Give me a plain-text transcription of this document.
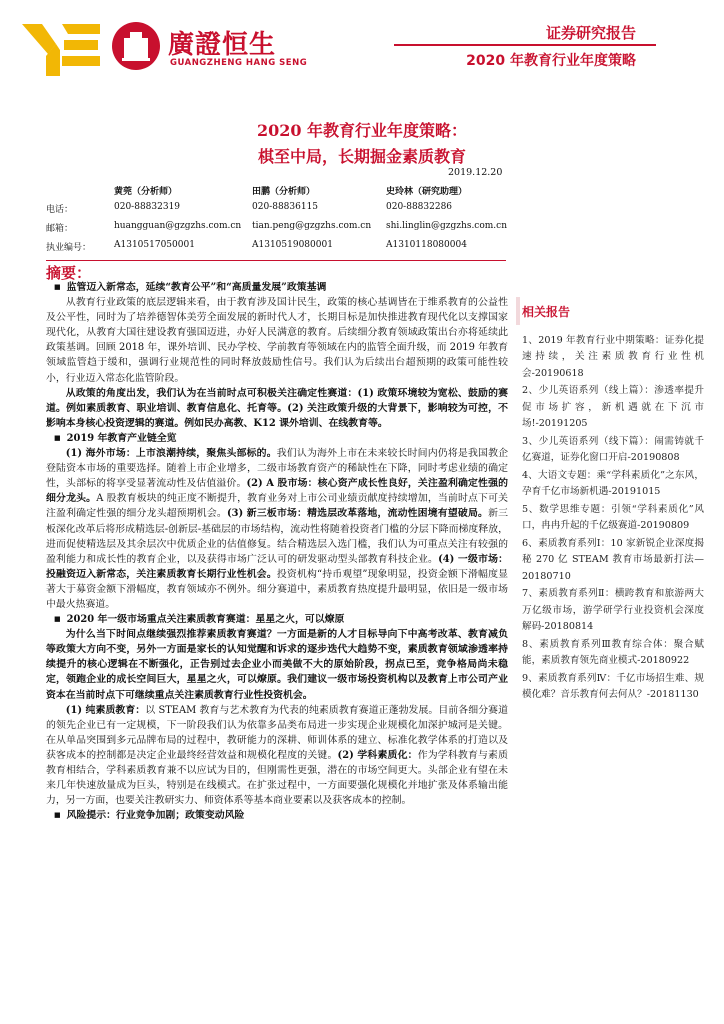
廣證恒生
GUANGZHENG HANG SENG
证券研究报告
2020 年教育行业年度策略
2020 年教育行业年度策略：
棋至中局，长期掘金素质教育
2019.12.20
黄莞（分析师）	田鹏（分析师）	史玲林（研究助理）
电话：	020-88832319	020-88836115	020-88832286
邮箱：	huangguan@gzgzhs.com.cn tian.peng@gzgzhs.com.cn shi.linglin@gzgzhs.com.cn
执业编号：	A1310517050001	A1310519080001	A1310118080004
摘要：

■ 监管迈入新常态，延续“教育公平”和“高质量发展”政策基调

从教育行业政策的底层逻辑来看，由于教育涉及国计民生，政策的核心基调皆在于维系教育的公益性及公平性，同时为了培养德智体美劳全面发展的新时代人才，长期目标是加快推进教育现代化以支撑国家现代化，从教育大国往建设教育强国迈进，办好人民满意的教育。后续细分教育领域政策出台亦将延续此政策基调。回顾 2018 年，课外培训、民办学校、学前教育等领域在内的监管全面升级，而 2019 年教育领域监管趋于缓和，强调行业规范性的同时释放鼓励性信号。我们认为后续出台超预期的政策可能性较小，行业迈入常态化监管阶段。

从政策的角度出发，我们认为在当前时点可积极关注确定性赛道：(1) 政策环境较为宽松、鼓励的赛道。例如素质教育、职业培训、教育信息化、托育等。(2) 关注政策升级的大背景下，影响较为可控，不影响本身核心投资逻辑的赛道。例如民办高教、K12 课外培训、在线教育等。

■ 2019 年教育产业链全览

(1) 海外市场：上市浪潮持续，聚焦头部标的。我们认为海外上市在未来较长时间内仍将是我国教企登陆资本市场的重要选择。随着上市企业增多，二级市场教育资产的稀缺性在下降，同时考虑业绩的确定性，头部标的将享受显著流动性及估值溢价。(2) A 股市场：核心资产成长性良好，关注盈利确定性强的细分龙头。A 股教育板块的纯正度不断提升，教育业务对上市公司业绩贡献度持续增加，当前时点下可关注盈利确定性强的细分龙头超预期机会。(3) 新三板市场：精选层改革落地，流动性困境有望破局。新三板深化改革后将形成精选层-创新层-基础层的市场结构，流动性将随着投资者门槛的分层下降而梯度释放，进而促使精选层及其余层次中优质企业的估值修复。结合精选层入选门槛，我们认为可重点关注有较强的盈利能力和成长性的教育企业，以及获得市场广泛认可的研发驱动型头部教育科技企业。(4) 一级市场：投融资迈入新常态，关注素质教育长期行业性机会。投资机构“持币观望”现象明显，投资金额下滑幅度显著大于募资金额下滑幅度，教育领域亦不例外。细分赛道中，素质教育热度提升最明显，依旧是一级市场中最火热赛道。

■ 2020 年一级市场重点关注素质教育赛道：星星之火，可以燎原

为什么当下时间点继续强烈推荐素质教育赛道？一方面是新的人才目标导向下中高考改革、教育减负等政策大方向不变，另外一方面是家长的认知觉醒和诉求的逐步迭代大趋势不变，素质教育领域渗透率持续提升的核心逻辑在不断强化，正告别过去企业小而美做不大的原始阶段，拐点已至，竞争格局尚未稳定，领跑企业的成长空间巨大，星星之火，可以燎原。我们建议一级市场投资机构以及教育上市公司产业资本在当前时点下可继续重点关注素质教育行业性投资机会。

(1) 纯素质教育：以 STEAM 教育与艺术教育为代表的纯素质教育赛道正蓬勃发展。目前各细分赛道的领先企业已有一定规模，下一阶段我们认为依靠多品类布局进一步实现企业规模化加深护城河是关键。在从单品突围到多元品牌布局的过程中，教研能力的深耕、师训体系的建立、标准化教学体系的打造以及获客成本的控制都是决定企业最终经营效益和规模化程度的关键。(2) 学科素质化：作为学科教育与素质教育相结合，学科素质教育兼不以应试为目的，但刚需性更强，潜在的市场空间更大。头部企业有望在未来几年快速放量成为巨头，特别是在线模式。在扩张过程中，一方面要强化规模化并地扩张及体系输出能力，另一方面，也要关注教研实力、师资体系等基本商业要素以及获客成本的控制。

■ 风险提示：行业竞争加剧；政策变动风险

相关报告

1、2019 年教育行业中期策略：证券化提速持续，关注素质教育行业性机会-20190618

2、少儿英语系列（线上篇）：渗透率提升促市场扩容，新机遇就在下沉市场!-20191205

3、少儿英语系列（线下篇）：闹需铸就千亿赛道，证券化窗口开启-20190808

4、大语文专题：乘“学科素质化”之东风，孕育千亿市场新机遇-20191015

5、数学思维专题：引领“学科素质化”风口，冉冉升起的千亿级赛道-20190809

6、素质教育系列Ⅰ：10 家新锐企业深度揭秘 270 亿 STEAM 教育市场最新打法—20180710

7、素质教育系列Ⅱ：横跨教育和旅游两大万亿级市场，游学研学行业投资机会深度解码-20180814

8、素质教育系列Ⅲ教育综合体：聚合赋能，素质教育领先商业模式-20180922

9、素质教育系列Ⅳ：千亿市场招生难、规模化难？音乐教育何去何从？-20181130
